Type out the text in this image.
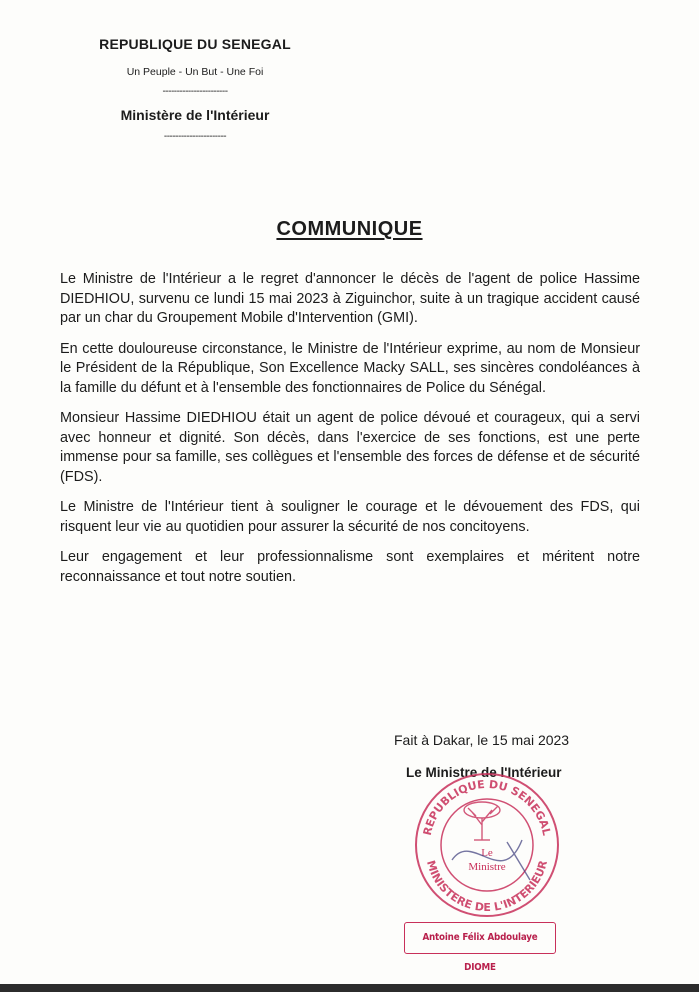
REPUBLIQUE DU SENEGAL
Un Peuple - Un But - Une Foi
-----------------------
Ministère de l'Intérieur
----------------------
COMMUNIQUE

Le Ministre de l'Intérieur a le regret d'annoncer le décès de l'agent de police Hassime DIEDHIOU, survenu ce lundi 15 mai 2023 à Ziguinchor, suite à un tragique accident causé par un char du Groupement Mobile d'Intervention (GMI).

En cette douloureuse circonstance, le Ministre de l'Intérieur exprime, au nom de Monsieur le Président de la République, Son Excellence Macky SALL, ses sincères condoléances à la famille du défunt et à l'ensemble des fonctionnaires de Police du Sénégal.

Monsieur Hassime DIEDHIOU était un agent de police dévoué et courageux, qui a servi avec honneur et dignité. Son décès, dans l'exercice de ses fonctions, est une perte immense pour sa famille, ses collègues et l'ensemble des forces de défense et de sécurité (FDS).

Le Ministre de l'Intérieur tient à souligner le courage et le dévouement des FDS, qui risquent leur vie au quotidien pour assurer la sécurité de nos concitoyens.

Leur engagement et leur professionnalisme sont exemplaires et méritent notre reconnaissance et tout notre soutien.

Fait à Dakar, le 15 mai 2023
Le Ministre de l'Intérieur
REPUBLIQUE DU SENEGAL
MINISTERE DE L'INTERIEUR
Le
Ministre
Antoine Félix Abdoulaye DIOME
